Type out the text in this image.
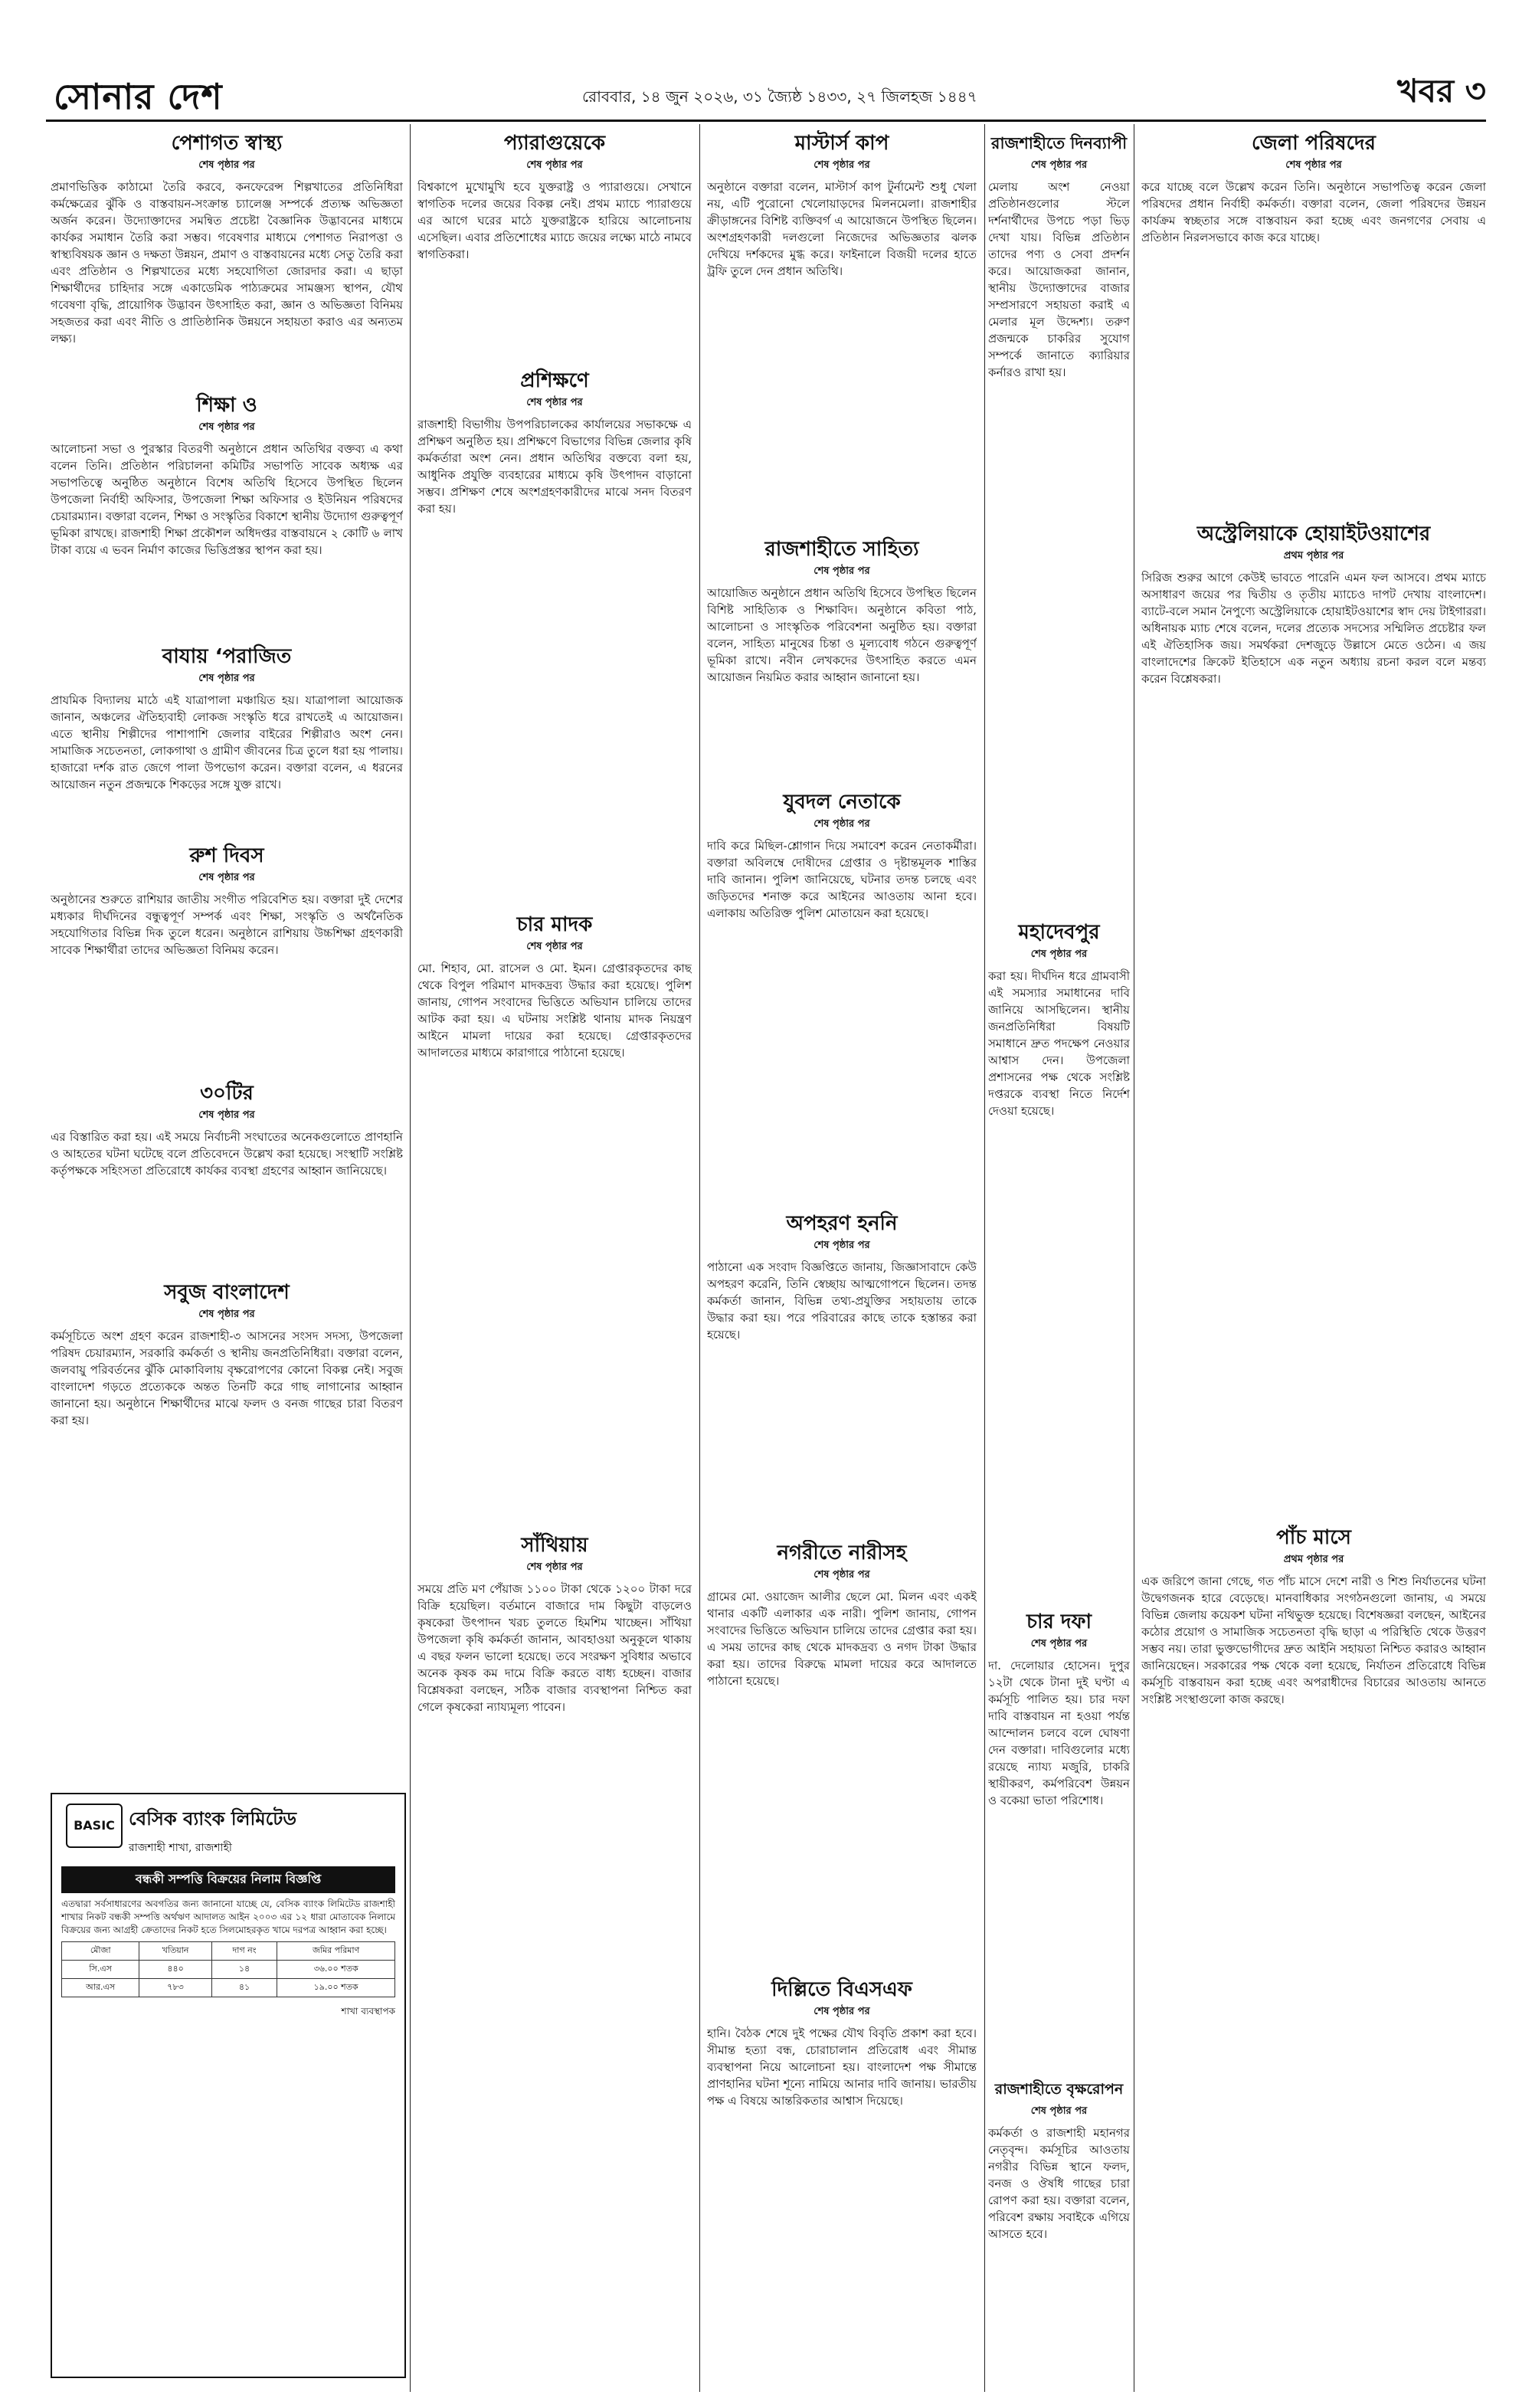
সোনার দেশ	রোববার, ১৪ জুন ২০২৬, ৩১ জ্যৈষ্ঠ ১৪৩৩, ২৭ জিলহজ ১৪৪৭	খবর ৩
পেশাগত স্বাস্থ্য
শেষ পৃষ্ঠার পর

প্রমাণভিত্তিক কাঠামো তৈরি করবে, কনফেরেন্স শিল্পখাতের প্রতিনিধিরা কর্মক্ষেত্রের ঝুঁকি ও বাস্তবায়ন-সংক্রান্ত চ্যালেঞ্জ সম্পর্কে প্রত্যক্ষ অভিজ্ঞতা অর্জন করেন। উদ্যোক্তাদের সমন্বিত প্রচেষ্টা বৈজ্ঞানিক উদ্ভাবনের মাধ্যমে কার্যকর সমাধান তৈরি করা সম্ভব। গবেষণার মাধ্যমে পেশাগত নিরাপত্তা ও স্বাস্থ্যবিষয়ক জ্ঞান ও দক্ষতা উন্নয়ন, প্রমাণ ও বাস্তবায়নের মধ্যে সেতু তৈরি করা এবং প্রতিষ্ঠান ও শিল্পখাতের মধ্যে সহযোগিতা জোরদার করা। এ ছাড়া শিক্ষার্থীদের চাহিদার সঙ্গে একাডেমিক পাঠ্যক্রমের সামঞ্জস্য স্থাপন, যৌথ গবেষণা বৃদ্ধি, প্রায়োগিক উদ্ভাবন উৎসাহিত করা, জ্ঞান ও অভিজ্ঞতা বিনিময় সহজতর করা এবং নীতি ও প্রাতিষ্ঠানিক উন্নয়নে সহায়তা করাও এর অন্যতম লক্ষ্য।

শিক্ষা ও
শেষ পৃষ্ঠার পর

আলোচনা সভা ও পুরস্কার বিতরণী অনুষ্ঠানে প্রধান অতিথির বক্তব্য এ কথা বলেন তিনি। প্রতিষ্ঠান পরিচালনা কমিটির সভাপতি সাবেক অধ্যক্ষ এর সভাপতিত্বে অনুষ্ঠিত অনুষ্ঠানে বিশেষ অতিথি হিসেবে উপস্থিত ছিলেন উপজেলা নির্বাহী অফিসার, উপজেলা শিক্ষা অফিসার ও ইউনিয়ন পরিষদের চেয়ারম্যান। বক্তারা বলেন, শিক্ষা ও সংস্কৃতির বিকাশে স্থানীয় উদ্যোগ গুরুত্বপূর্ণ ভূমিকা রাখছে। রাজশাহী শিক্ষা প্রকৌশল অধিদপ্তর বাস্তবায়নে ২ কোটি ৬ লাখ টাকা ব্যয়ে এ ভবন নির্মাণ কাজের ভিত্তিপ্রস্তর স্থাপন করা হয়।

বাযায় ‘পরাজিত
শেষ পৃষ্ঠার পর

প্রাযমিক বিদ্যালয় মাঠে এই যাত্রাপালা মঞ্চায়িত হয়। যাত্রাপালা আয়োজক জানান, অঞ্চলের ঐতিহ্যবাহী লোকজ সংস্কৃতি ধরে রাখতেই এ আয়োজন। এতে স্থানীয় শিল্পীদের পাশাপাশি জেলার বাইরের শিল্পীরাও অংশ নেন। সামাজিক সচেতনতা, লোকগাথা ও গ্রামীণ জীবনের চিত্র তুলে ধরা হয় পালায়। হাজারো দর্শক রাত জেগে পালা উপভোগ করেন। বক্তারা বলেন, এ ধরনের আয়োজন নতুন প্রজন্মকে শিকড়ের সঙ্গে যুক্ত রাখে।

রুশ দিবস
শেষ পৃষ্ঠার পর

অনুষ্ঠানের শুরুতে রাশিয়ার জাতীয় সংগীত পরিবেশিত হয়। বক্তারা দুই দেশের মধ্যকার দীর্ঘদিনের বন্ধুত্বপূর্ণ সম্পর্ক এবং শিক্ষা, সংস্কৃতি ও অর্থনৈতিক সহযোগিতার বিভিন্ন দিক তুলে ধরেন। অনুষ্ঠানে রাশিয়ায় উচ্চশিক্ষা গ্রহণকারী সাবেক শিক্ষার্থীরা তাদের অভিজ্ঞতা বিনিময় করেন।

৩০টির
শেষ পৃষ্ঠার পর

এর বিস্তারিত করা হয়। এই সময়ে নির্বাচনী সংঘাতের অনেকগুলোতে প্রাণহানি ও আহতের ঘটনা ঘটেছে বলে প্রতিবেদনে উল্লেখ করা হয়েছে। সংস্থাটি সংশ্লিষ্ট কর্তৃপক্ষকে সহিংসতা প্রতিরোধে কার্যকর ব্যবস্থা গ্রহণের আহ্বান জানিয়েছে।

সবুজ বাংলাদেশ
শেষ পৃষ্ঠার পর

কর্মসূচিতে অংশ গ্রহণ করেন রাজশাহী-৩ আসনের সংসদ সদস্য, উপজেলা পরিষদ চেয়ারম্যান, সরকারি কর্মকর্তা ও স্থানীয় জনপ্রতিনিধিরা। বক্তারা বলেন, জলবায়ু পরিবর্তনের ঝুঁকি মোকাবিলায় বৃক্ষরোপণের কোনো বিকল্প নেই। সবুজ বাংলাদেশ গড়তে প্রত্যেককে অন্তত তিনটি করে গাছ লাগানোর আহ্বান জানানো হয়। অনুষ্ঠানে শিক্ষার্থীদের মাঝে ফলদ ও বনজ গাছের চারা বিতরণ করা হয়।

BASIC বেসিক ব্যাংক লিমিটেড
রাজশাহী শাখা, রাজশাহী
বন্ধকী সম্পত্তি বিক্রয়ের নিলাম বিজ্ঞপ্তি

এতদ্বারা সর্বসাধারণের অবগতির জন্য জানানো যাচ্ছে যে, বেসিক ব্যাংক লিমিটেড রাজশাহী শাখার নিকট বন্ধকী সম্পত্তি অর্থঋণ আদালত আইন ২০০৩ এর ১২ ধারা মোতাবেক নিলামে বিক্রয়ের জন্য আগ্রহী ক্রেতাদের নিকট হতে সিলমোহরকৃত খামে দরপত্র আহ্বান করা হচ্ছে।

মৌজা	খতিয়ান	দাগ নং	জমির পরিমাণ
সি.এস	৪৪০	১৪	৩৬.০০ শতক
আর.এস	৭৮৩	৪১	১৯.০০ শতক

শাখা ব্যবস্থাপক

প্যারাগুয়েকে
শেষ পৃষ্ঠার পর

বিশ্বকাপে মুখোমুখি হবে যুক্তরাষ্ট্র ও প্যারাগুয়ে। সেখানে স্বাগতিক দলের জয়ের বিকল্প নেই। প্রথম ম্যাচে প্যারাগুয়ে এর আগে ঘরের মাঠে যুক্তরাষ্ট্রকে হারিয়ে আলোচনায় এসেছিল। এবার প্রতিশোধের ম্যাচে জয়ের লক্ষ্যে মাঠে নামবে স্বাগতিকরা।

প্রশিক্ষণে
শেষ পৃষ্ঠার পর

রাজশাহী বিভাগীয় উপপরিচালকের কার্যালয়ের সভাকক্ষে এ প্রশিক্ষণ অনুষ্ঠিত হয়। প্রশিক্ষণে বিভাগের বিভিন্ন জেলার কৃষি কর্মকর্তারা অংশ নেন। প্রধান অতিথির বক্তব্যে বলা হয়, আধুনিক প্রযুক্তি ব্যবহারের মাধ্যমে কৃষি উৎপাদন বাড়ানো সম্ভব। প্রশিক্ষণ শেষে অংশগ্রহণকারীদের মাঝে সনদ বিতরণ করা হয়।

চার মাদক
শেষ পৃষ্ঠার পর

মো. শিহাব, মো. রাসেল ও মো. ইমন। গ্রেপ্তারকৃতদের কাছ থেকে বিপুল পরিমাণ মাদকদ্রব্য উদ্ধার করা হয়েছে। পুলিশ জানায়, গোপন সংবাদের ভিত্তিতে অভিযান চালিয়ে তাদের আটক করা হয়। এ ঘটনায় সংশ্লিষ্ট থানায় মাদক নিয়ন্ত্রণ আইনে মামলা দায়ের করা হয়েছে। গ্রেপ্তারকৃতদের আদালতের মাধ্যমে কারাগারে পাঠানো হয়েছে।

সাঁথিয়ায়
শেষ পৃষ্ঠার পর

সময়ে প্রতি মণ পেঁয়াজ ১১০০ টাকা থেকে ১২০০ টাকা দরে বিক্রি হয়েছিল। বর্তমানে বাজারে দাম কিছুটা বাড়লেও কৃষকেরা উৎপাদন খরচ তুলতে হিমশিম খাচ্ছেন। সাঁথিয়া উপজেলা কৃষি কর্মকর্তা জানান, আবহাওয়া অনুকূলে থাকায় এ বছর ফলন ভালো হয়েছে। তবে সংরক্ষণ সুবিধার অভাবে অনেক কৃষক কম দামে বিক্রি করতে বাধ্য হচ্ছেন। বাজার বিশ্লেষকরা বলছেন, সঠিক বাজার ব্যবস্থাপনা নিশ্চিত করা গেলে কৃষকেরা ন্যায্যমূল্য পাবেন।

মাস্টার্স কাপ
শেষ পৃষ্ঠার পর

অনুষ্ঠানে বক্তারা বলেন, মাস্টার্স কাপ টুর্নামেন্ট শুধু খেলা নয়, এটি পুরোনো খেলোয়াড়দের মিলনমেলা। রাজশাহীর ক্রীড়াঙ্গনের বিশিষ্ট ব্যক্তিবর্গ এ আয়োজনে উপস্থিত ছিলেন। অংশগ্রহণকারী দলগুলো নিজেদের অভিজ্ঞতার ঝলক দেখিয়ে দর্শকদের মুগ্ধ করে। ফাইনালে বিজয়ী দলের হাতে ট্রফি তুলে দেন প্রধান অতিথি।

রাজশাহীতে সাহিত্য
শেষ পৃষ্ঠার পর

আয়োজিত অনুষ্ঠানে প্রধান অতিথি হিসেবে উপস্থিত ছিলেন বিশিষ্ট সাহিত্যিক ও শিক্ষাবিদ। অনুষ্ঠানে কবিতা পাঠ, আলোচনা ও সাংস্কৃতিক পরিবেশনা অনুষ্ঠিত হয়। বক্তারা বলেন, সাহিত্য মানুষের চিন্তা ও মূল্যবোধ গঠনে গুরুত্বপূর্ণ ভূমিকা রাখে। নবীন লেখকদের উৎসাহিত করতে এমন আয়োজন নিয়মিত করার আহ্বান জানানো হয়।

যুবদল নেতাকে
শেষ পৃষ্ঠার পর

দাবি করে মিছিল-শ্লোগান দিয়ে সমাবেশ করেন নেতাকর্মীরা। বক্তারা অবিলম্বে দোষীদের গ্রেপ্তার ও দৃষ্টান্তমূলক শাস্তির দাবি জানান। পুলিশ জানিয়েছে, ঘটনার তদন্ত চলছে এবং জড়িতদের শনাক্ত করে আইনের আওতায় আনা হবে। এলাকায় অতিরিক্ত পুলিশ মোতায়েন করা হয়েছে।

অপহরণ হননি
শেষ পৃষ্ঠার পর

পাঠানো এক সংবাদ বিজ্ঞপ্তিতে জানায়, জিজ্ঞাসাবাদে কেউ অপহরণ করেনি, তিনি স্বেচ্ছায় আত্মগোপনে ছিলেন। তদন্ত কর্মকর্তা জানান, বিভিন্ন তথ্য-প্রযুক্তির সহায়তায় তাকে উদ্ধার করা হয়। পরে পরিবারের কাছে তাকে হস্তান্তর করা হয়েছে।

নগরীতে নারীসহ
শেষ পৃষ্ঠার পর

গ্রামের মো. ওয়াজেদ আলীর ছেলে মো. মিলন এবং একই থানার একটি এলাকার এক নারী। পুলিশ জানায়, গোপন সংবাদের ভিত্তিতে অভিযান চালিয়ে তাদের গ্রেপ্তার করা হয়। এ সময় তাদের কাছ থেকে মাদকদ্রব্য ও নগদ টাকা উদ্ধার করা হয়। তাদের বিরুদ্ধে মামলা দায়ের করে আদালতে পাঠানো হয়েছে।

দিল্লিতে বিএসএফ
শেষ পৃষ্ঠার পর

হানি। বৈঠক শেষে দুই পক্ষের যৌথ বিবৃতি প্রকাশ করা হবে। সীমান্ত হত্যা বন্ধ, চোরাচালান প্রতিরোধ এবং সীমান্ত ব্যবস্থাপনা নিয়ে আলোচনা হয়। বাংলাদেশ পক্ষ সীমান্তে প্রাণহানির ঘটনা শূন্যে নামিয়ে আনার দাবি জানায়। ভারতীয় পক্ষ এ বিষয়ে আন্তরিকতার আশ্বাস দিয়েছে।

রাজশাহীতে দিনব্যাপী
শেষ পৃষ্ঠার পর

মেলায় অংশ নেওয়া প্রতিষ্ঠানগুলোর স্টলে দর্শনার্থীদের উপচে পড়া ভিড় দেখা যায়। বিভিন্ন প্রতিষ্ঠান তাদের পণ্য ও সেবা প্রদর্শন করে। আয়োজকরা জানান, স্থানীয় উদ্যোক্তাদের বাজার সম্প্রসারণে সহায়তা করাই এ মেলার মূল উদ্দেশ্য। তরুণ প্রজন্মকে চাকরির সুযোগ সম্পর্কে জানাতে ক্যারিয়ার কর্নারও রাখা হয়।

মহাদেবপুর
শেষ পৃষ্ঠার পর

করা হয়। দীর্ঘদিন ধরে গ্রামবাসী এই সমস্যার সমাধানের দাবি জানিয়ে আসছিলেন। স্থানীয় জনপ্রতিনিধিরা বিষয়টি সমাধানে দ্রুত পদক্ষেপ নেওয়ার আশ্বাস দেন। উপজেলা প্রশাসনের পক্ষ থেকে সংশ্লিষ্ট দপ্তরকে ব্যবস্থা নিতে নির্দেশ দেওয়া হয়েছে।

চার দফা
শেষ পৃষ্ঠার পর

দা. দেলোয়ার হোসেন। দুপুর ১২টা থেকে টানা দুই ঘণ্টা এ কর্মসূচি পালিত হয়। চার দফা দাবি বাস্তবায়ন না হওয়া পর্যন্ত আন্দোলন চলবে বলে ঘোষণা দেন বক্তারা। দাবিগুলোর মধ্যে রয়েছে ন্যায্য মজুরি, চাকরি স্থায়ীকরণ, কর্মপরিবেশ উন্নয়ন ও বকেয়া ভাতা পরিশোধ।

রাজশাহীতে বৃক্ষরোপন
শেষ পৃষ্ঠার পর

কর্মকর্তা ও রাজশাহী মহানগর নেতৃবৃন্দ। কর্মসূচির আওতায় নগরীর বিভিন্ন স্থানে ফলদ, বনজ ও ঔষধি গাছের চারা রোপণ করা হয়। বক্তারা বলেন, পরিবেশ রক্ষায় সবাইকে এগিয়ে আসতে হবে।

জেলা পরিষদের
শেষ পৃষ্ঠার পর

করে যাচ্ছে বলে উল্লেখ করেন তিনি। অনুষ্ঠানে সভাপতিত্ব করেন জেলা পরিষদের প্রধান নির্বাহী কর্মকর্তা। বক্তারা বলেন, জেলা পরিষদের উন্নয়ন কার্যক্রম স্বচ্ছতার সঙ্গে বাস্তবায়ন করা হচ্ছে এবং জনগণের সেবায় এ প্রতিষ্ঠান নিরলসভাবে কাজ করে যাচ্ছে।

অস্ট্রেলিয়াকে হোয়াইটওয়াশের
প্রথম পৃষ্ঠার পর

সিরিজ শুরুর আগে কেউই ভাবতে পারেনি এমন ফল আসবে। প্রথম ম্যাচে অসাধারণ জয়ের পর দ্বিতীয় ও তৃতীয় ম্যাচেও দাপট দেখায় বাংলাদেশ। ব্যাটে-বলে সমান নৈপুণ্যে অস্ট্রেলিয়াকে হোয়াইটওয়াশের স্বাদ দেয় টাইগাররা। অধিনায়ক ম্যাচ শেষে বলেন, দলের প্রত্যেক সদস্যের সম্মিলিত প্রচেষ্টার ফল এই ঐতিহাসিক জয়। সমর্থকরা দেশজুড়ে উল্লাসে মেতে ওঠেন। এ জয় বাংলাদেশের ক্রিকেট ইতিহাসে এক নতুন অধ্যায় রচনা করল বলে মন্তব্য করেন বিশ্লেষকরা।

পাঁচ মাসে
প্রথম পৃষ্ঠার পর

এক জরিপে জানা গেছে, গত পাঁচ মাসে দেশে নারী ও শিশু নির্যাতনের ঘটনা উদ্বেগজনক হারে বেড়েছে। মানবাধিকার সংগঠনগুলো জানায়, এ সময়ে বিভিন্ন জেলায় কয়েকশ ঘটনা নথিভুক্ত হয়েছে। বিশেষজ্ঞরা বলছেন, আইনের কঠোর প্রয়োগ ও সামাজিক সচেতনতা বৃদ্ধি ছাড়া এ পরিস্থিতি থেকে উত্তরণ সম্ভব নয়। তারা ভুক্তভোগীদের দ্রুত আইনি সহায়তা নিশ্চিত করারও আহ্বান জানিয়েছেন। সরকারের পক্ষ থেকে বলা হয়েছে, নির্যাতন প্রতিরোধে বিভিন্ন কর্মসূচি বাস্তবায়ন করা হচ্ছে এবং অপরাধীদের বিচারের আওতায় আনতে সংশ্লিষ্ট সংস্থাগুলো কাজ করছে।
